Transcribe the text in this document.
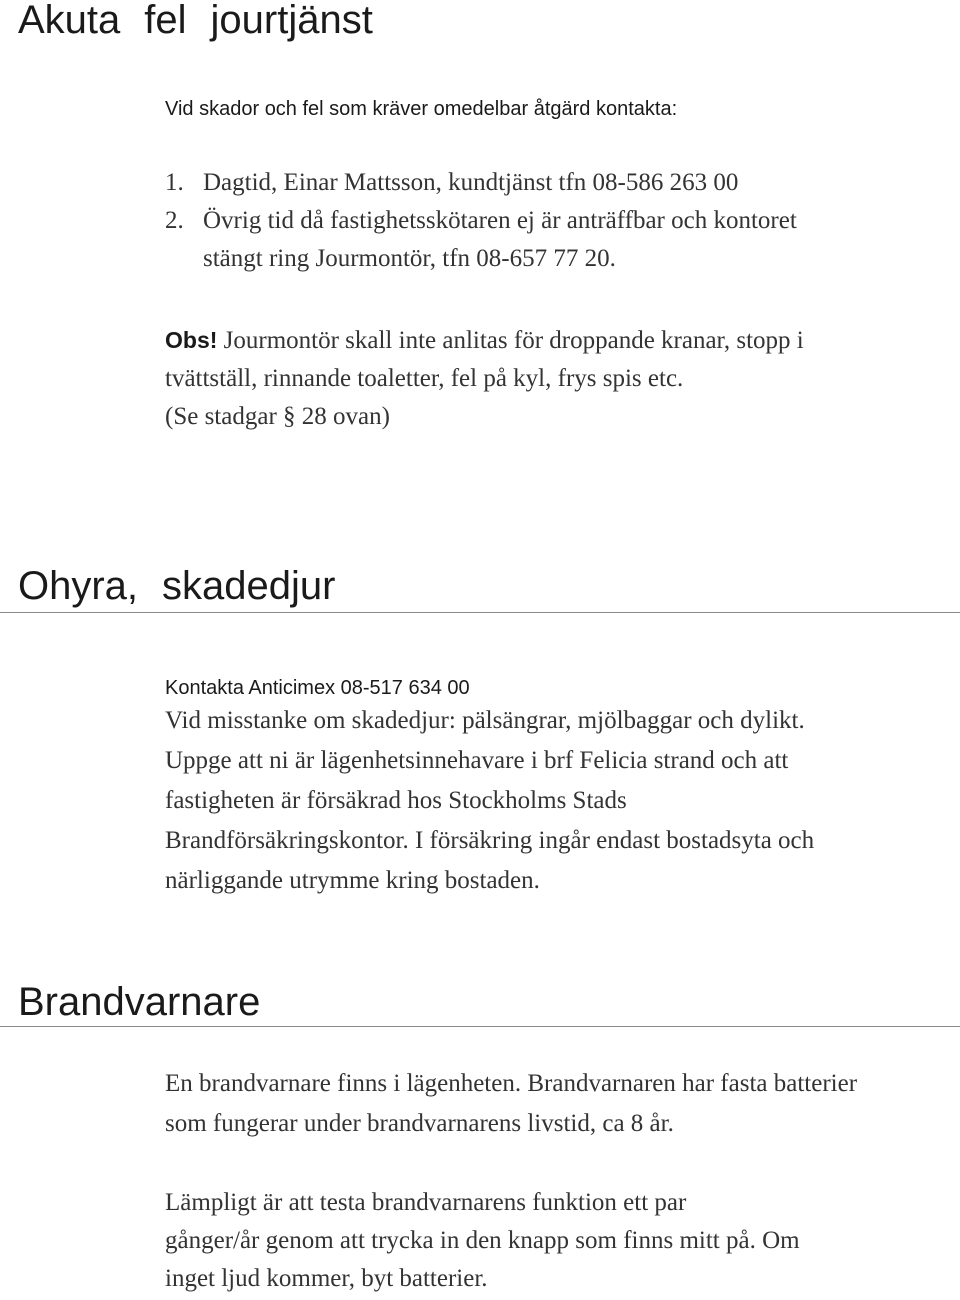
Akuta fel jourtjänst
Vid skador och fel som kräver omedelbar åtgärd kontakta:
1. Dagtid, Einar Mattsson, kundtjänst tfn 08-586 263 00
2. Övrig tid då fastighetsskötaren ej är anträffbar och kontoret
stängt ring Jourmontör, tfn 08-657 77 20.
Obs! Jourmontör skall inte anlitas för droppande kranar, stopp i
tvättställ, rinnande toaletter, fel på kyl, frys spis etc.
(Se stadgar § 28 ovan)
Ohyra, skadedjur
Kontakta Anticimex 08-517 634 00
Vid misstanke om skadedjur: pälsängrar, mjölbaggar och dylikt.
Uppge att ni är lägenhetsinnehavare i brf Felicia strand och att
fastigheten är försäkrad hos Stockholms Stads
Brandförsäkringskontor. I försäkring ingår endast bostadsyta och
närliggande utrymme kring bostaden.
Brandvarnare
En brandvarnare finns i lägenheten. Brandvarnaren har fasta batterier
som fungerar under brandvarnarens livstid, ca 8 år.
Lämpligt är att testa brandvarnarens funktion ett par
gånger/år genom att trycka in den knapp som finns mitt på. Om
inget ljud kommer, byt batterier.
